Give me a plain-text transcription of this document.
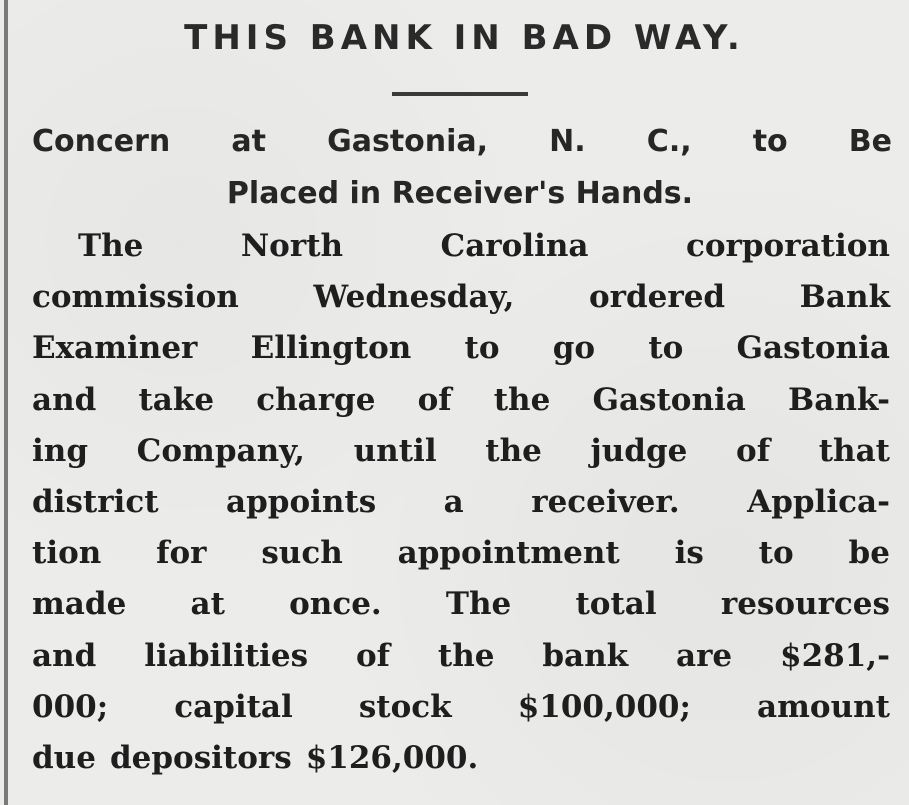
THIS BANK IN BAD WAY.
Concern at Gastonia, N. C., to Be
Placed in Receiver's Hands.
The	North	Carolina	corporation
commission Wednesday, ordered Bank
Examiner Ellington to go to Gastonia
and take charge of the Gastonia Bank-
ing Company, until the judge of that
district appoints a receiver. Applica-
tion for such appointment is to be
made at once. The total resources
and liabilities of the bank are $281,-
000; capital stock $100,000; amount
due depositors $126,000.
